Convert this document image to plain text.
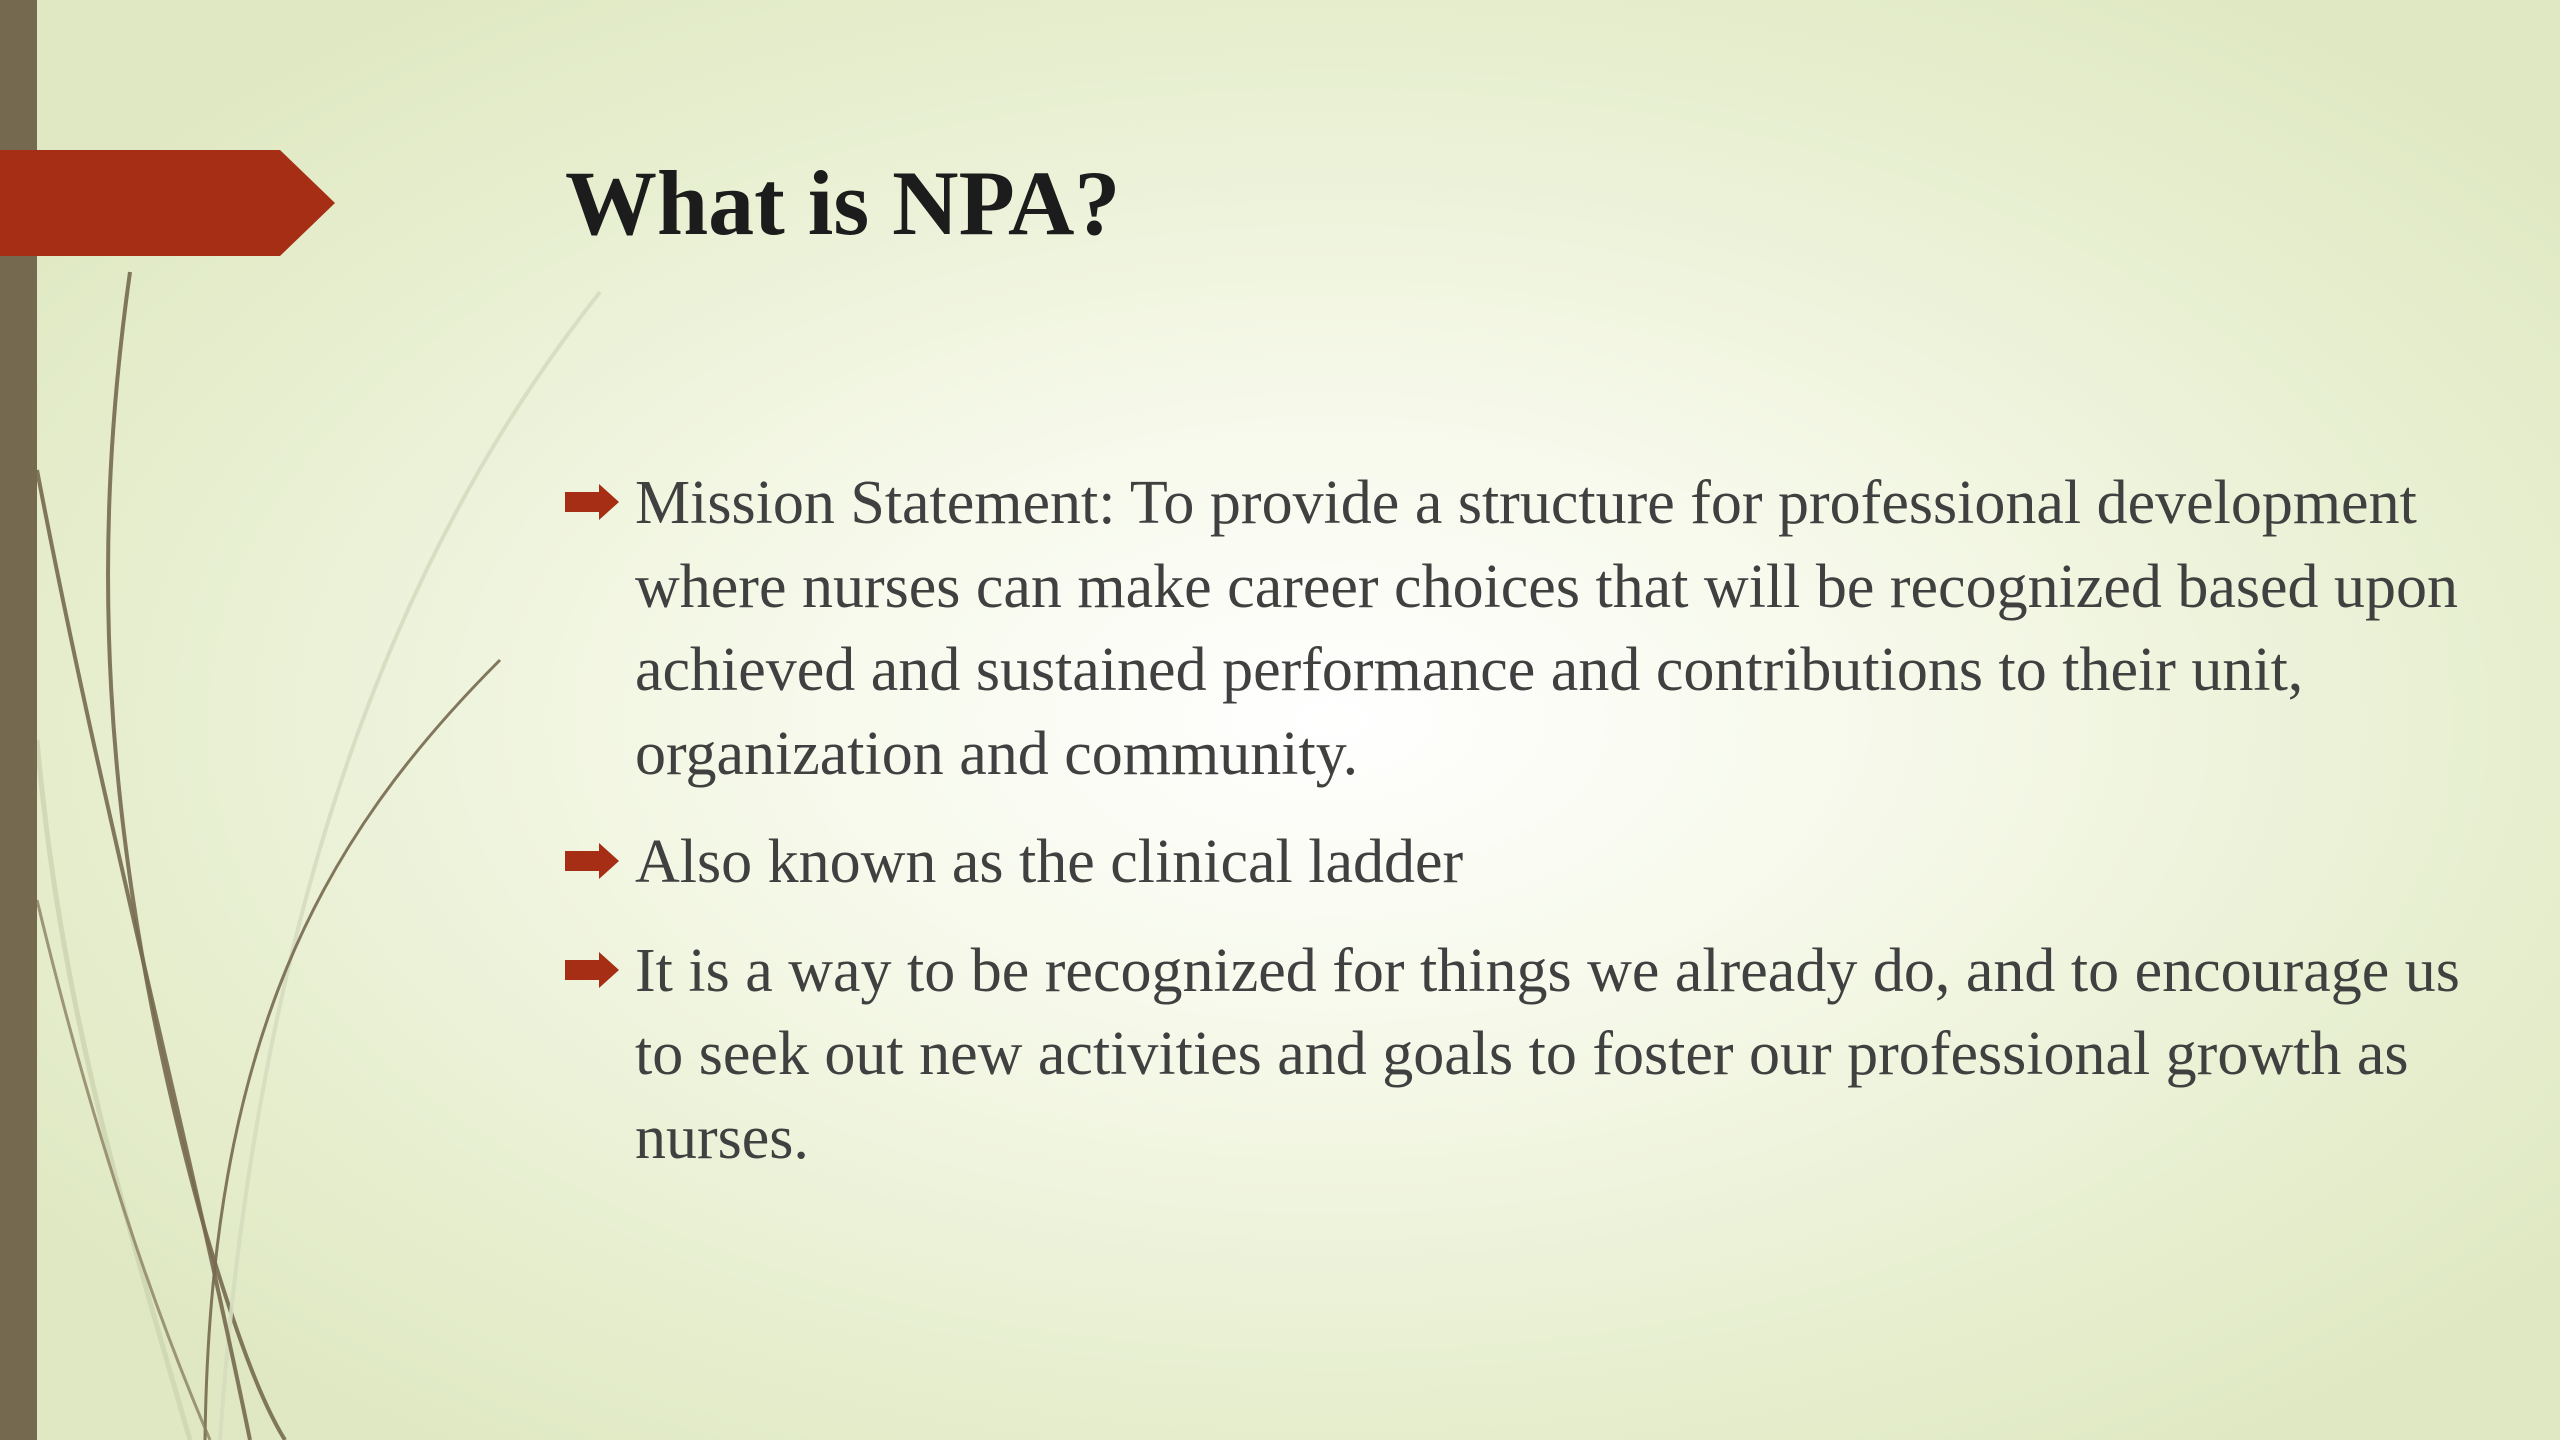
What is NPA?
Mission Statement: To provide a structure for professional development where nurses can make career choices that will be recognized based upon achieved and sustained performance and contributions to their unit, organization and community.
Also known as the clinical ladder
It is a way to be recognized for things we already do, and to encourage us to seek out new activities and goals to foster our professional growth as nurses.
